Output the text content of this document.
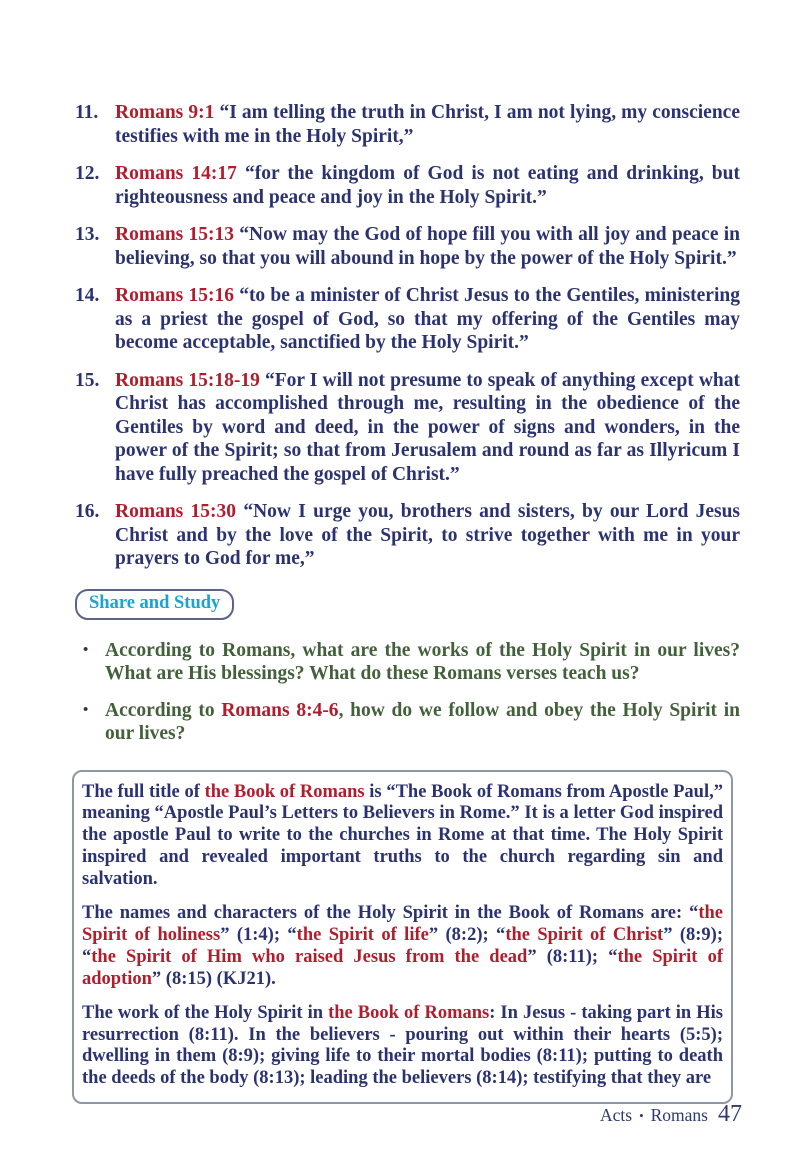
11. Romans 9:1 “I am telling the truth in Christ, I am not lying, my conscience testifies with me in the Holy Spirit,”
12. Romans 14:17 “for the kingdom of God is not eating and drinking, but righteousness and peace and joy in the Holy Spirit.”
13. Romans 15:13 “Now may the God of hope fill you with all joy and peace in believing, so that you will abound in hope by the power of the Holy Spirit.”
14. Romans 15:16 “to be a minister of Christ Jesus to the Gentiles, ministering as a priest the gospel of God, so that my offering of the Gentiles may become acceptable, sanctified by the Holy Spirit.”
15. Romans 15:18-19 “For I will not presume to speak of anything except what Christ has accomplished through me, resulting in the obedience of the Gentiles by word and deed, in the power of signs and wonders, in the power of the Spirit; so that from Jerusalem and round as far as Illyricum I have fully preached the gospel of Christ.”
16. Romans 15:30 “Now I urge you, brothers and sisters, by our Lord Jesus Christ and by the love of the Spirit, to strive together with me in your prayers to God for me,”
Share and Study
• According to Romans, what are the works of the Holy Spirit in our lives? What are His blessings? What do these Romans verses teach us?
• According to Romans 8:4-6, how do we follow and obey the Holy Spirit in our lives?

The full title of the Book of Romans is “The Book of Romans from Apostle Paul,” meaning “Apostle Paul’s Letters to Believers in Rome.” It is a letter God inspired the apostle Paul to write to the churches in Rome at that time. The Holy Spirit inspired and revealed important truths to the church regarding sin and salvation.

The names and characters of the Holy Spirit in the Book of Romans are: “the Spirit of holiness” (1:4); “the Spirit of life” (8:2); “the Spirit of Christ” (8:9); “the Spirit of Him who raised Jesus from the dead” (8:11); “the Spirit of adoption” (8:15) (KJ21).

The work of the Holy Spirit in the Book of Romans: In Jesus - taking part in His resurrection (8:11). In the believers - pouring out within their hearts (5:5); dwelling in them (8:9); giving life to their mortal bodies (8:11); putting to death the deeds of the body (8:13); leading the believers (8:14); testifying that they are

Acts • Romans 47
